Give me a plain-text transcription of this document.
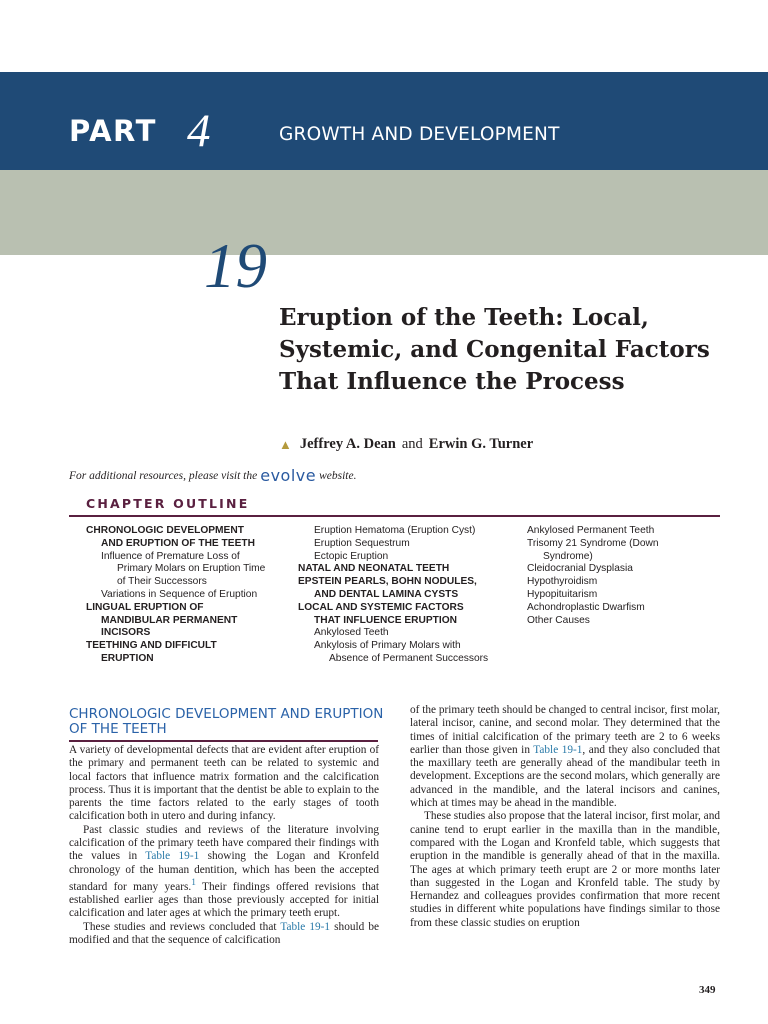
PART 4	GROWTH AND DEVELOPMENT
CHAPTER 19
Eruption of the Teeth: Local, Systemic, and Congenital Factors That Influence the Process
▲ Jeffrey A. Dean and Erwin G. Turner
For additional resources, please visit the evolve website.
CHAPTER OUTLINE
CHRONOLOGIC DEVELOPMENT
AND ERUPTION OF THE TEETH
Influence of Premature Loss of
Primary Molars on Eruption Time
of Their Successors
Variations in Sequence of Eruption
LINGUAL ERUPTION OF
MANDIBULAR PERMANENT
INCISORS
TEETHING AND DIFFICULT
ERUPTION
Eruption Hematoma (Eruption Cyst)
Eruption Sequestrum
Ectopic Eruption
NATAL AND NEONATAL TEETH
EPSTEIN PEARLS, BOHN NODULES,
AND DENTAL LAMINA CYSTS
LOCAL AND SYSTEMIC FACTORS
THAT INFLUENCE ERUPTION
Ankylosed Teeth
Ankylosis of Primary Molars with
Absence of Permanent Successors
Ankylosed Permanent Teeth
Trisomy 21 Syndrome (Down
Syndrome)
Cleidocranial Dysplasia
Hypothyroidism
Hypopituitarism
Achondroplastic Dwarfism
Other Causes
CHRONOLOGIC DEVELOPMENT AND ERUPTION OF THE TEETH

A variety of developmental defects that are evident after eruption of the primary and permanent teeth can be related to systemic and local factors that influence matrix formation and the calcification process. Thus it is important that the dentist be able to explain to the parents the time factors related to the early stages of tooth calcification both in utero and during infancy.

Past classic studies and reviews of the literature involving calcification of the primary teeth have compared their findings with the values in Table 19-1 showing the Logan and Kronfeld chronology of the human dentition, which has been the accepted standard for many years.$^1$ Their findings offered revisions that established earlier ages than those previously accepted for initial calcification and later ages at which the primary teeth erupt.

These studies and reviews concluded that Table 19-1 should be modified and that the sequence of calcification

of the primary teeth should be changed to central incisor, first molar, lateral incisor, canine, and second molar. They determined that the times of initial calcification of the primary teeth are 2 to 6 weeks earlier than those given in Table 19-1, and they also concluded that the maxillary teeth are generally ahead of the mandibular teeth in development. Exceptions are the second molars, which generally are advanced in the mandible, and the lateral incisors and canines, which at times may be ahead in the mandible.

These studies also propose that the lateral incisor, first molar, and canine tend to erupt earlier in the maxilla than in the mandible, compared with the Logan and Kronfeld table, which suggests that eruption in the mandible is generally ahead of that in the maxilla. The ages at which primary teeth erupt are 2 or more months later than suggested in the Logan and Kronfeld table. The study by Hernandez and colleagues provides confirmation that more recent studies in different white populations have findings similar to those from these classic studies on eruption

349
